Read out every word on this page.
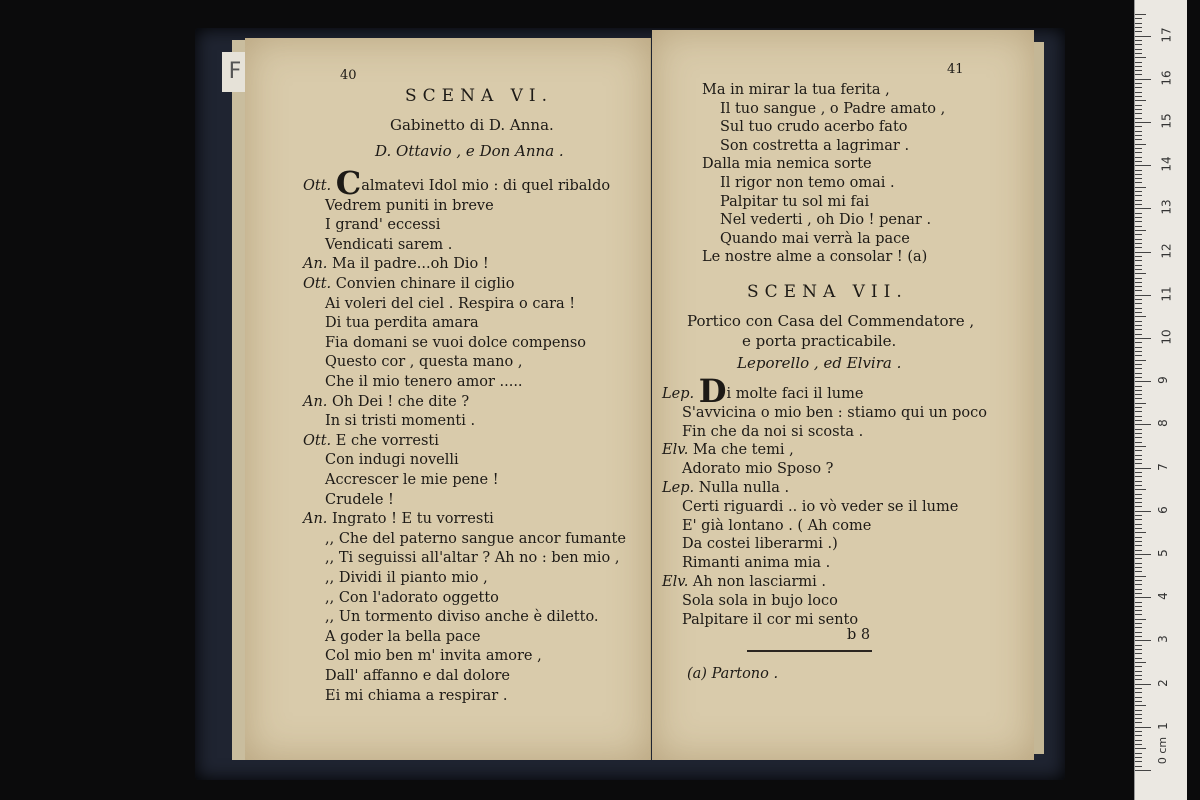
F	40
SCENA VI.
Gabinetto di D. Anna.
D. Ottavio , e Don Anna .
Ott. Calmatevi Idol mio : di quel ribaldo
Vedrem puniti in breve
I grand' eccessi
Vendicati sarem .
An. Ma il padre...oh Dio !
Ott. Convien chinare il ciglio
Ai voleri del ciel . Respira o cara !
Di tua perdita amara
Fia domani se vuoi dolce compenso
Questo cor , questa mano ,
Che il mio tenero amor .....
An. Oh Dei ! che dite ?
In si tristi momenti .
Ott. E che vorresti
Con indugi novelli
Accrescer le mie pene !
Crudele !
An. Ingrato ! E tu vorresti
,, Che del paterno sangue ancor fumante
,, Ti seguissi all'altar ? Ah no : ben mio ,
,, Dividi il pianto mio ,
,, Con l'adorato oggetto
,, Un tormento diviso anche è diletto.
A goder la bella pace
Col mio ben m' invita amore ,
Dall' affanno e dal dolore
Ei mi chiama a respirar .
41
Ma in mirar la tua ferita ,
Il tuo sangue , o Padre amato ,
Sul tuo crudo acerbo fato
Son costretta a lagrimar .
Dalla mia nemica sorte
Il rigor non temo omai .
Palpitar tu sol mi fai
Nel vederti , oh Dio ! penar .
Quando mai verrà la pace
Le nostre alme a consolar ! (a)
SCENA VII.
Portico con Casa del Commendatore ,
e porta practicabile.
Leporello , ed Elvira .
Lep. Di molte faci il lume
S'avvicina o mio ben : stiamo qui un poco
Fin che da noi si scosta .
Elv. Ma che temi ,
Adorato mio Sposo ?
Lep. Nulla nulla .
Certi riguardi .. io vò veder se il lume
E' già lontano . ( Ah come
Da costei liberarmi .)
Rimanti anima mia .
Elv. Ah non lasciarmi .
Sola sola in bujo loco
Palpitare il cor mi sento
b 8
(a) Partono .
0 cm
1
2
3
4
5
6
7
8
9
10
11
12
13
14
15
16
17
